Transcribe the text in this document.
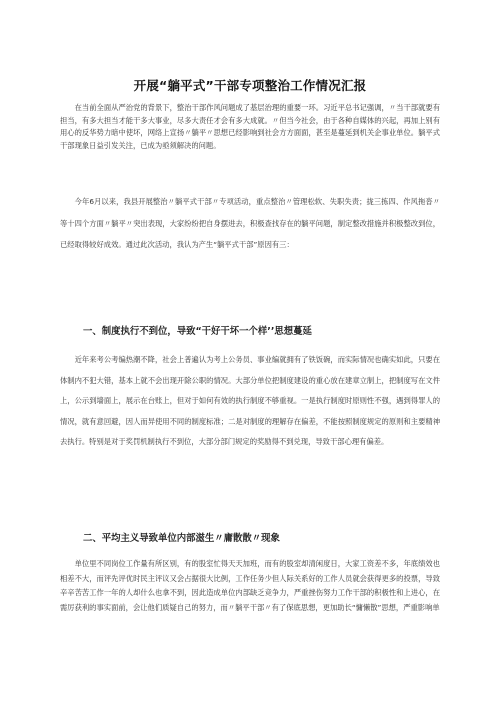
开展“躺平式”干部专项整治工作情况汇报

在当前全面从严治党的背景下，整治干部作风问题成了基层治理的重要一环。习近平总书记强调，〃当干部就要有担当，有多大担当才能干多大事业，尽多大责任才会有多大成就。〃但当今社会，由于各种自媒体的兴起，再加上别有用心的反华势力暗中使坏，网络上宣扬〃躺平〃思想已经影响到社会方方面面，甚至是蔓延到机关企事业单位。躺平式干部现象日益引发关注，已成为亟须解决的问题。

今年6月以来，我县开展整治〃躺平式干部〃专项活动，重点整治〃管理松软、失职失责；拢三拣四、作风拖沓〃等十四个方面〃躺平〃突出表现，大家纷纷把自身摆进去，积极查找存在的躺平问题，制定整改措施并积极整改到位，已经取得较好成效。通过此次活动，我认为产生“躺平式干部”原因有三：

一、制度执行不到位，导致“干好干坏一个样’’思想蔓延

近年来考公考编热潮不降，社会上普遍认为考上公务员、事业编就拥有了铁饭碗，而实际情况也确实如此，只要在体制内不犯大错，基本上就不会出现开除公职的情况。大部分单位把制度建设的重心放在建章立制上，把制度写在文件上，公示到墙面上，展示在台账上，但对于如何有效的执行制度不够重视。一是执行制度时原则性不强，遇到得罪人的情况，就有意回避，因人而异使用不同的制度标准；二是对制度的理解存在偏差，不能按照制度规定的原则和主要精神去执行。特别是对于奖罚机制执行不到位，大部分部门规定的奖励得不到兑现，导致干部心理有偏差。

二、平均主义导致单位内部滋生〃庸散散〃现象

单位里不同岗位工作量有所区别，有的股室忙得天天加班，而有的股室却清闲度日，大家工资差不多，年底绩效也相差不大，而评先评优时民主评议又会占据很大比例，工作任务少但人际关系好的工作人员就会获得更多的投票，导致辛辛苦苦工作一年的人却什么也拿不到，因此造成单位内部缺乏竞争力，严重挫伤努力工作干部的积极性和上进心，在需厉获利的事实面前，会让他们质疑自己的努力，而〃躺平干部〃有了保底思想，更加助长“慵懒散”思想，严重影响单
